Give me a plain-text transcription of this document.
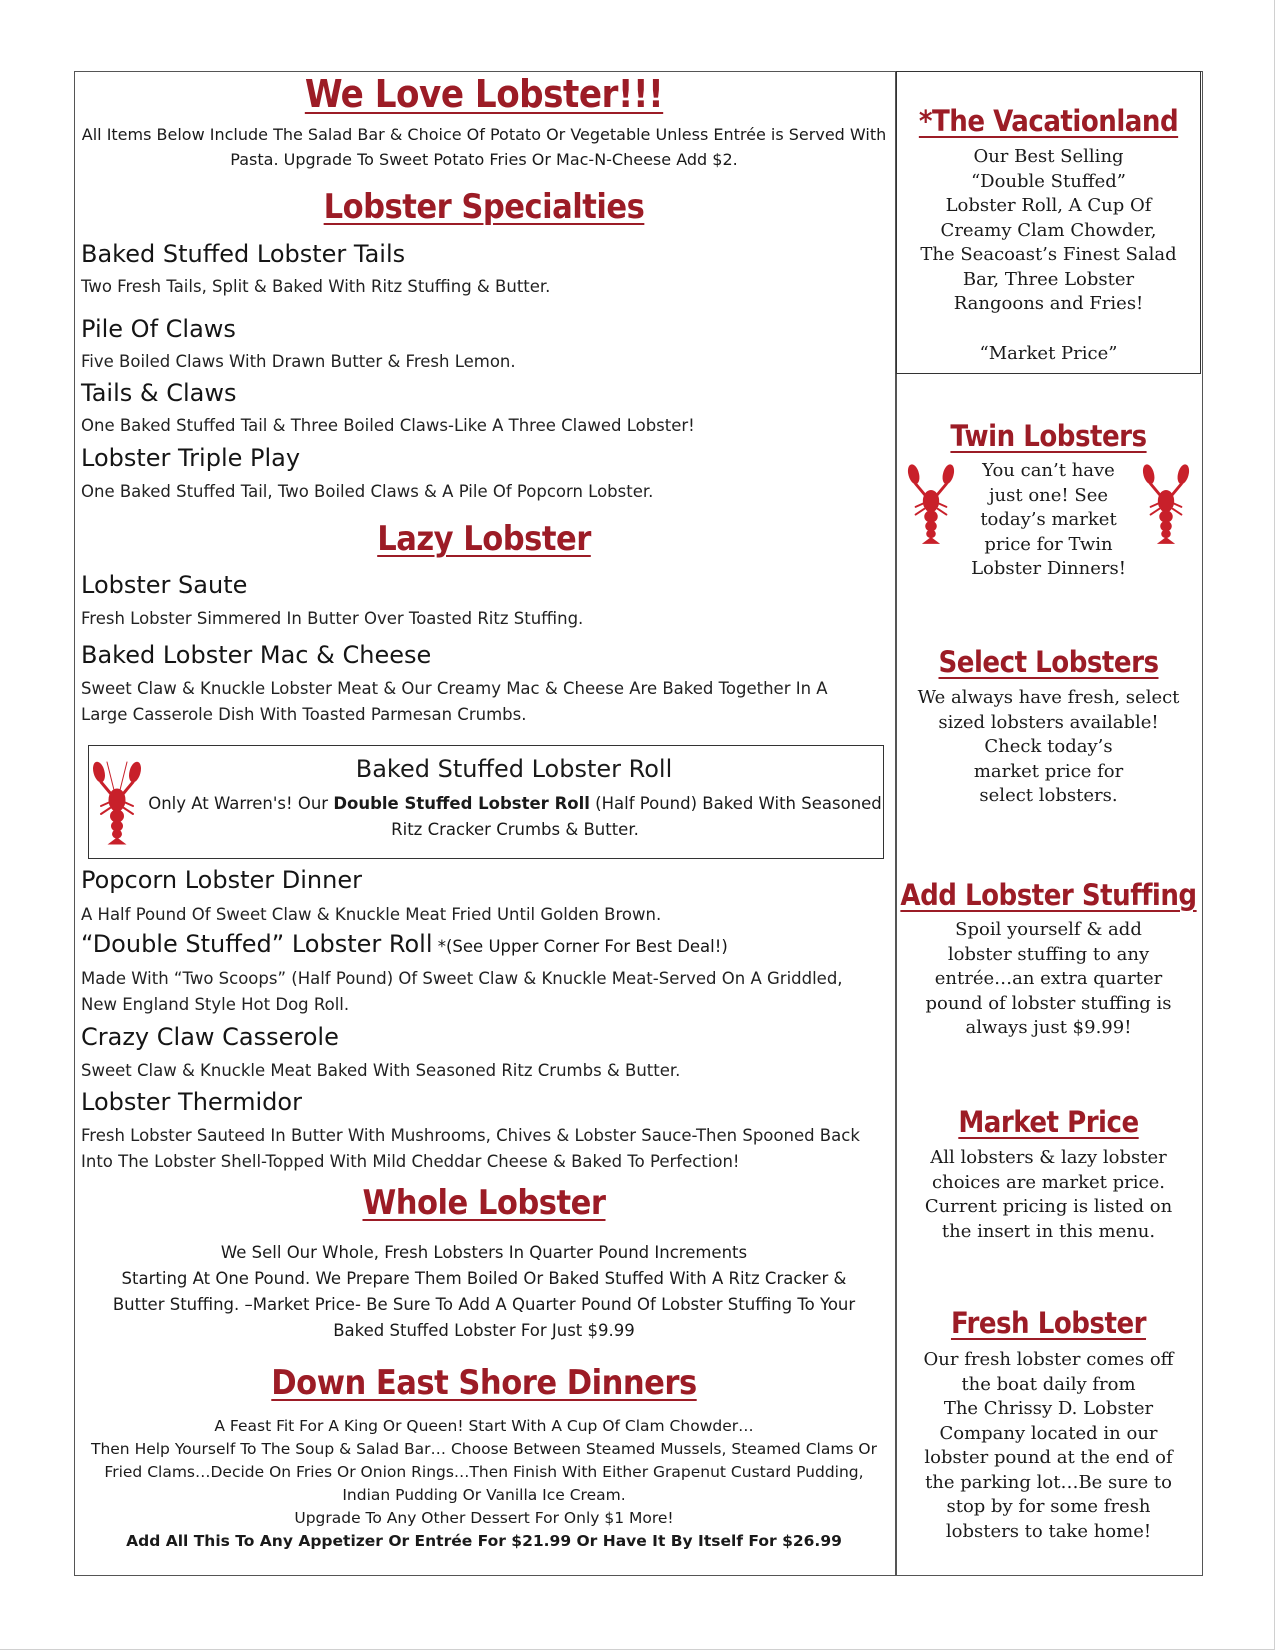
We Love Lobster!!!
All Items Below Include The Salad Bar & Choice Of Potato Or Vegetable Unless Entrée is Served With
Pasta. Upgrade To Sweet Potato Fries Or Mac-N-Cheese Add $2.
Lobster Specialties
Baked Stuffed Lobster Tails
Two Fresh Tails, Split & Baked With Ritz Stuffing & Butter.
Pile Of Claws
Five Boiled Claws With Drawn Butter & Fresh Lemon.
Tails & Claws
One Baked Stuffed Tail & Three Boiled Claws-Like A Three Clawed Lobster!
Lobster Triple Play
One Baked Stuffed Tail, Two Boiled Claws & A Pile Of Popcorn Lobster.
Lazy Lobster
Lobster Saute
Fresh Lobster Simmered In Butter Over Toasted Ritz Stuffing.
Baked Lobster Mac & Cheese
Sweet Claw & Knuckle Lobster Meat & Our Creamy Mac & Cheese Are Baked Together In A
Large Casserole Dish With Toasted Parmesan Crumbs.
Baked Stuffed Lobster Roll
Only At Warren's! Our Double Stuffed Lobster Roll (Half Pound) Baked With Seasoned
Ritz Cracker Crumbs & Butter.
Popcorn Lobster Dinner
A Half Pound Of Sweet Claw & Knuckle Meat Fried Until Golden Brown.
“Double Stuffed” Lobster Roll *(See Upper Corner For Best Deal!)
Made With “Two Scoops” (Half Pound) Of Sweet Claw & Knuckle Meat-Served On A Griddled,
New England Style Hot Dog Roll.
Crazy Claw Casserole
Sweet Claw & Knuckle Meat Baked With Seasoned Ritz Crumbs & Butter.
Lobster Thermidor
Fresh Lobster Sauteed In Butter With Mushrooms, Chives & Lobster Sauce-Then Spooned Back
Into The Lobster Shell-Topped With Mild Cheddar Cheese & Baked To Perfection!
Whole Lobster
We Sell Our Whole, Fresh Lobsters In Quarter Pound Increments
Starting At One Pound. We Prepare Them Boiled Or Baked Stuffed With A Ritz Cracker &
Butter Stuffing. –Market Price- Be Sure To Add A Quarter Pound Of Lobster Stuffing To Your
Baked Stuffed Lobster For Just $9.99
Down East Shore Dinners
A Feast Fit For A King Or Queen! Start With A Cup Of Clam Chowder…
Then Help Yourself To The Soup & Salad Bar… Choose Between Steamed Mussels, Steamed Clams Or
Fried Clams…Decide On Fries Or Onion Rings…Then Finish With Either Grapenut Custard Pudding,
Indian Pudding Or Vanilla Ice Cream.
Upgrade To Any Other Dessert For Only $1 More!
Add All This To Any Appetizer Or Entrée For $21.99 Or Have It By Itself For $26.99
*The Vacationland
Our Best Selling
“Double Stuffed”
Lobster Roll, A Cup Of
Creamy Clam Chowder,
The Seacoast’s Finest Salad
Bar, Three Lobster
Rangoons and Fries!
“Market Price”
Twin Lobsters
You can’t have
just one! See
today’s market
price for Twin
Lobster Dinners!
Select Lobsters
We always have fresh, select
sized lobsters available!
Check today’s
market price for
select lobsters.
Add Lobster Stuffing
Spoil yourself & add
lobster stuffing to any
entrée…an extra quarter
pound of lobster stuffing is
always just $9.99!
Market Price
All lobsters & lazy lobster
choices are market price.
Current pricing is listed on
the insert in this menu.
Fresh Lobster
Our fresh lobster comes off
the boat daily from
The Chrissy D. Lobster
Company located in our
lobster pound at the end of
the parking lot…Be sure to
stop by for some fresh
lobsters to take home!
